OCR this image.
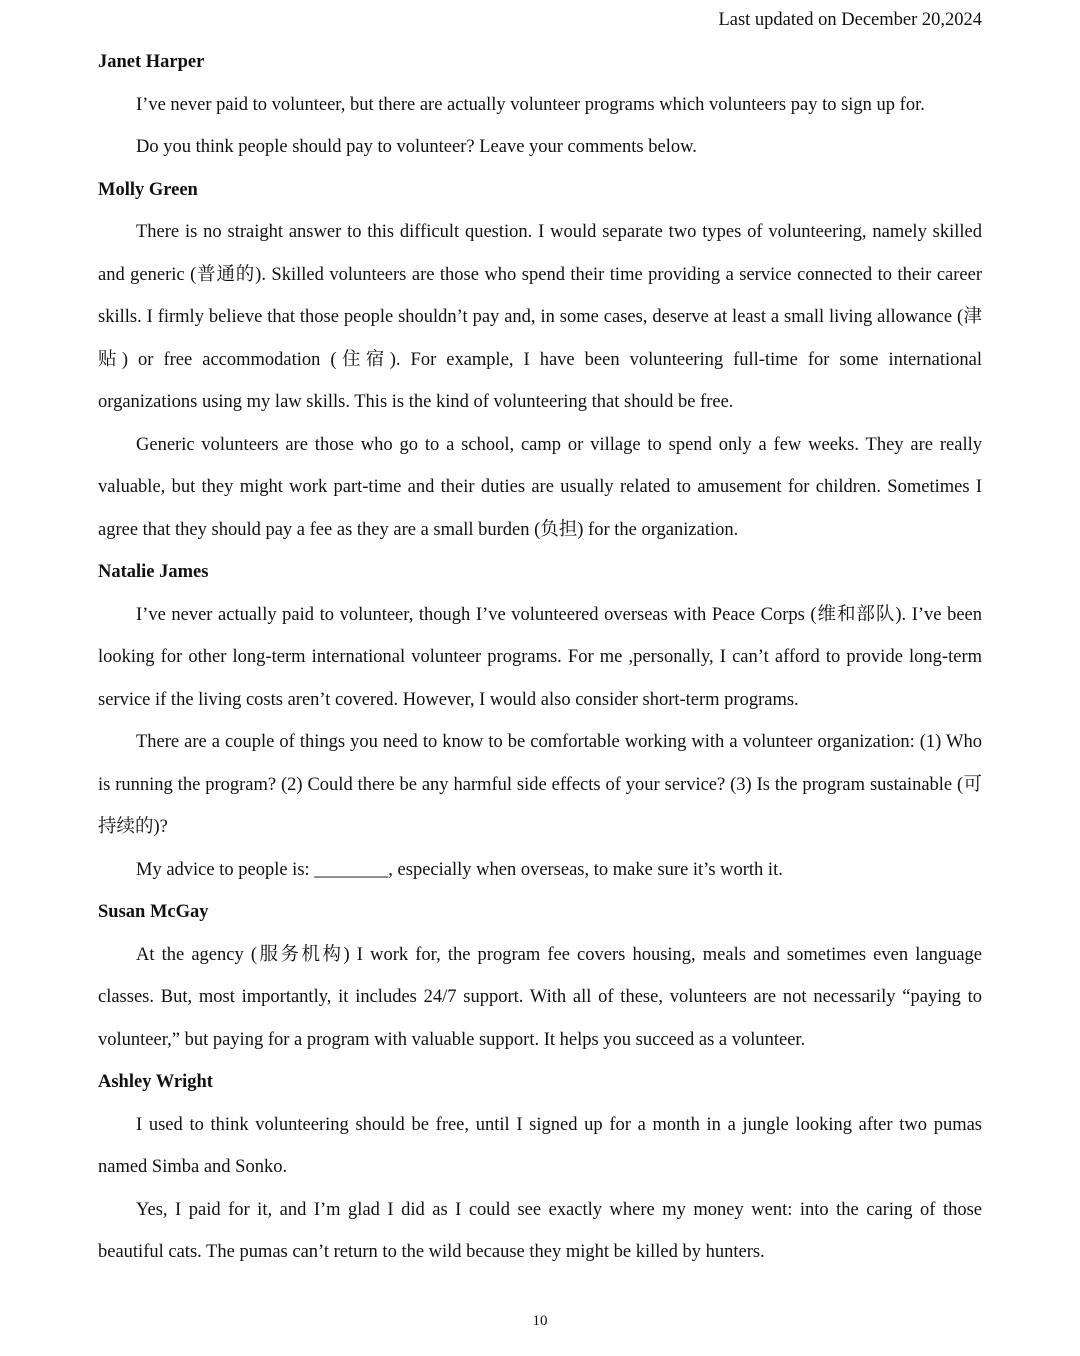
Last updated on December 20,2024

Janet Harper

I’ve never paid to volunteer, but there are actually volunteer programs which volunteers pay to sign up for.

Do you think people should pay to volunteer? Leave your comments below.

Molly Green

There is no straight answer to this difficult question. I would separate two types of volunteering, namely skilled and generic (普通的). Skilled volunteers are those who spend their time providing a service connected to their career skills. I firmly believe that those people shouldn’t pay and, in some cases, deserve at least a small living allowance (津贴) or free accommodation (住宿). For example, I have been volunteering full-time for some international organizations using my law skills. This is the kind of volunteering that should be free.

Generic volunteers are those who go to a school, camp or village to spend only a few weeks. They are really valuable, but they might work part-time and their duties are usually related to amusement for children. Sometimes I agree that they should pay a fee as they are a small burden (负担) for the organization.

Natalie James

I’ve never actually paid to volunteer, though I’ve volunteered overseas with Peace Corps (维和部队). I’ve been looking for other long-term international volunteer programs. For me ,personally, I can’t afford to provide long-term service if the living costs aren’t covered. However, I would also consider short-term programs.

There are a couple of things you need to know to be comfortable working with a volunteer organization: (1) Who is running the program? (2) Could there be any harmful side effects of your service? (3) Is the program sustainable (可持续的)?

My advice to people is: ________, especially when overseas, to make sure it’s worth it.

Susan McGay

At the agency (服务机构) I work for, the program fee covers housing, meals and sometimes even language classes. But, most importantly, it includes 24/7 support. With all of these, volunteers are not necessarily “paying to volunteer,” but paying for a program with valuable support. It helps you succeed as a volunteer.

Ashley Wright

I used to think volunteering should be free, until I signed up for a month in a jungle looking after two pumas named Simba and Sonko.

Yes, I paid for it, and I’m glad I did as I could see exactly where my money went: into the caring of those beautiful cats. The pumas can’t return to the wild because they might be killed by hunters.

10
